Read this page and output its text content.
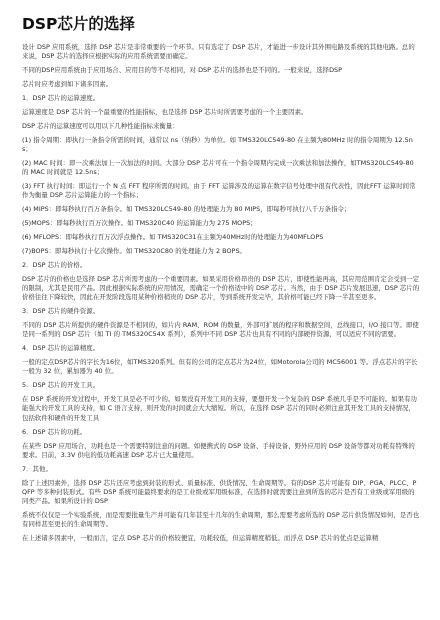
DSP芯片的选择

设计 DSP 应用系统，选择 DSP 芯片是非常重要的一个环节。只有选定了 DSP 芯片，才能进一步设计其外围电路及系统的其他电路。总的来说，DSP 芯片的选择应根据实际的应用系统需要而确定。

不同的DSP应用系统由于应用场合、应用目的等不尽相同，对 DSP 芯片的选择也是不同的。一般来说，选择DSP

芯片时应考虑到如下诸多因素。

1．DSP 芯片的运算速度。

运算速度是 DSP 芯片的一个最重要的性能指标，也是选择 DSP 芯片时所需要考虑的一个主要因素。

DSP 芯片的运算速度可以用以下几种性能指标来衡量：

(1) 指令周期：即执行一条指令所需的时间，通常以 ns（纳秒）为单位。如 TMS320LC549-80 在主频为80MHz 时的指令周期为 12.5ns；

(2) MAC 时间：即一次乘法加上一次加法的时间。大部分 DSP 芯片可在一个指令周期内完成一次乘法和加法操作，如TMS320LC549-80 的 MAC 时间就是 12.5ns；

(3) FFT 执行时间：即运行一个 N 点 FFT 程序所需的时间。由于 FFT 运算涉及的运算在数字信号处理中很有代表性，因此FFT 运算时间常作为衡量 DSP 芯片运算能力的一个指标；

(4) MIPS：即每秒执行百万条指令。如 TMS320LC549-80 的处理能力为 80 MIPS，即每秒可执行八千万条指令；

(5)MOPS：即每秒执行百万次操作。如 TMS320C40 的运算能力为 275 MOPS；

(6) MFLOPS：即每秒执行百万次浮点操作。如 TMS320C31在主频为40MHz时的处理能力为40MFLOPS

(7)BOPS：即每秒执行十亿次操作。如 TMS320C80 的处理能力为 2 BOPS。

2．DSP 芯片的价格。

DSP 芯片的价格也是选择 DSP 芯片所需考虑的一个重要因素。如果采用价格昂贵的 DSP 芯片，即使性能再高，其应用范围肯定会受到一定的限制，尤其是民用产品。因此根据实际系统的应用情况，需确定一个价格适中的 DSP 芯片。当然，由于 DSP 芯片发展迅速，DSP 芯片的价格往往下降较快，因此在开发阶段选用某种价格稍贵的 DSP 芯片，等到系统开发完毕，其价格可能已经下降一半甚至更多。

3．DSP 芯片的硬件资源。

不同的 DSP 芯片所提供的硬件资源是不相同的，如片内 RAM、ROM 的数量，外部可扩展的程序和数据空间，总线接口，I/O 接口等。即使是同一系列的 DSP 芯片（如 TI 的 TMS320C54X 系列），系列中不同 DSP 芯片也具有不同的内部硬件资源，可以适应不同的需要。

4．DSP 芯片的运算精度。

一般的定点DSP芯片的字长为16位，如TMS320系列。但有的公司的定点芯片为24位，如Motorola公司的 MC56001 等。浮点芯片的字长一般为 32 位，累加器为 40 位。

5．DSP 芯片的开发工具。

在 DSP 系统的开发过程中，开发工具是必不可少的。如果没有开发工具的支持，要想开发一个复杂的 DSP 系统几乎是不可能的。如果有功能强大的开发工具的支持，如 C 语言支持，则开发的时间就会大大缩短。所以，在选择 DSP 芯片的同时必须注意其开发工具的支持情况，包括软件和硬件的开发工具

6．DSP 芯片的功耗。

在某些 DSP 应用场合，功耗也是一个需要特别注意的问题。如便携式的 DSP 设备、手持设备、野外应用的 DSP 设备等都对功耗有特殊的要求。目前，3.3V 供电的低功耗高速 DSP 芯片已大量使用。

7．其他。

除了上述因素外，选择 DSP 芯片还应考虑到封装的形式、质量标准、供货情况、生命周期等。有的DSP 芯片可能有 DIP、PGA、PLCC、PQFP 等多种封装形式。有些 DSP 系统可能最终要求的是工业级或军用级标准，在选择时就需要注意到所选的芯片是否有工业级或军用级的同类产品。如果所设计的 DSP

系统不仅仅是一个实验系统，而是需要批量生产并可能有几年甚至十几年的生命周期，那么需要考虑所选的 DSP 芯片供货情况如何，是否也有同样甚至更长的生命周期等。

在上述诸多因素中，一般而言，定点 DSP 芯片的价格较便宜，功耗较低，但运算精度稍低。而浮点 DSP 芯片的优点是运算精
